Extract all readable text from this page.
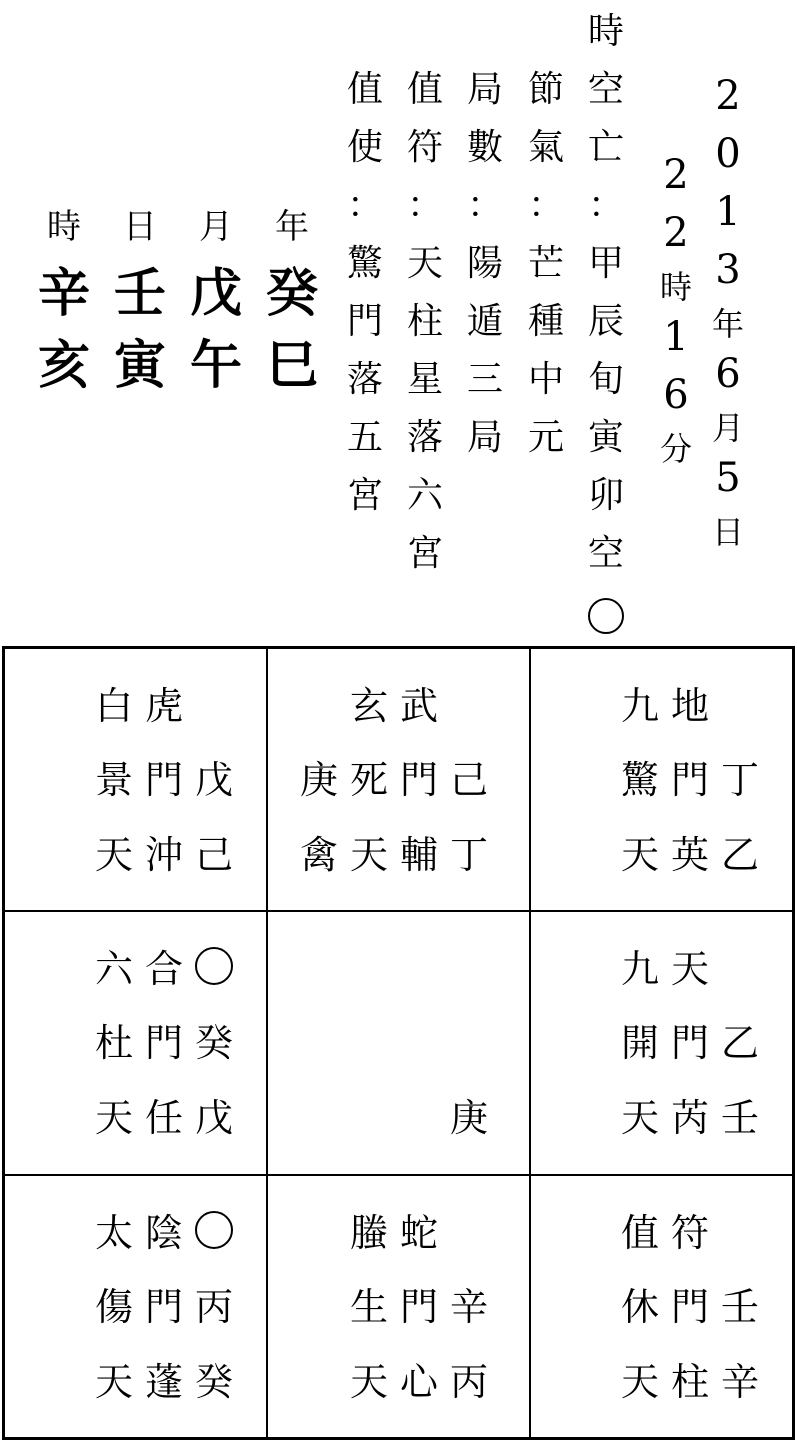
2
0
1
3
年
6
月
5
日
2
2
時
1
6
分
時
空
亡
：
甲
辰
旬
寅
卯
空
節
氣
：
芒
種
中
元
局
數
：
陽
遁
三
局
值
符
：
天
柱
星
落
六
宮
值
使
：
驚
門
落
五
宮
年
癸
巳
月
戊
午
日
壬
寅
時
辛
亥
白 虎
景 門 戊
天 沖 己
玄 武
庚 死 門 己
禽 天 輔 丁
九 地
驚 門 丁
天 英 乙
六 合
杜 門 癸
天 任 戊	庚
九 天
開 門 乙
天 芮 壬
太 陰
傷 門 丙
天 蓬 癸
螣 蛇
生 門 辛
天 心 丙
值 符
休 門 壬
天 柱 辛
